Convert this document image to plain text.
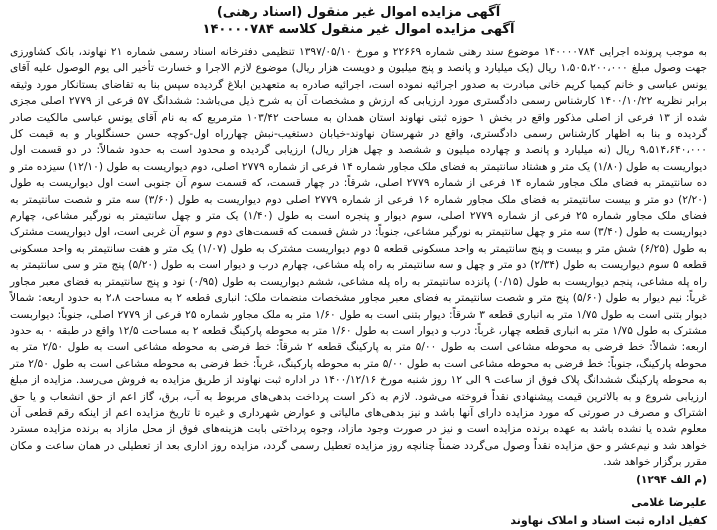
آگهی مزایده اموال غیر منقول (اسناد رهنی)
آگهی مزایده اموال غیر منقول کلاسه ۱۴۰۰۰۰۷۸۴

به موجب پرونده اجرایی ۱۴۰۰۰۰۷۸۴ موضوع سند رهنی شماره ۲۲۶۶۹ و مورخ ۱۳۹۷/۰۵/۱۰ تنظیمی دفترخانه اسناد رسمی شماره ۲۱ نهاوند، بانک کشاورزی جهت وصول مبلغ ۱،۵۰۵،۲۰۰،۰۰۰ ریال (یک میلیارد و پانصد و پنج میلیون و دویست هزار ریال) موضوع لازم الاجرا و خسارت تأخیر الی یوم الوصول علیه آقای یونس عباسی و خانم کیمیا کریم خانی مبادرت به صدور اجرائیه نموده است، اجرائیه صادره به متعهدین ابلاغ گردیده سپس بنا به تقاضای بستانکار مورد وثیقه برابر نظریه ۱۴۰۰/۱۰/۲۲ کارشناس رسمی دادگستری مورد ارزیابی که ارزش و مشخصات آن به شرح ذیل می‌باشد: ششدانگ ۵۷ فرعی از ۲۷۷۹ اصلی مجزی شده از ۱۳ فرعی از اصلی مذکور واقع در بخش ۱ حوزه ثبتی نهاوند استان همدان به مساحت ۱۰۳/۴۲ مترمربع که به نام آقای یونس عباسی مالکیت صادر گردیده و بنا به اظهار کارشناس رسمی دادگستری، واقع در شهرستان نهاوند-خیابان دستغیب-نبش چهارراه اول-کوچه حسن حسنگلوبار و به قیمت کل ۹،۵۱۴،۶۴۰،۰۰۰ ریال (نه میلیارد و پانصد و چهارده میلیون و ششصد و چهل هزار ریال) ارزیابی گردیده و محدود است به حدود شمالاً: در دو قسمت اول دیواریست به طول (۱/۸۰) یک متر و هشتاد سانتیمتر به فضای ملک مجاور شماره ۱۴ فرعی از شماره ۲۷۷۹ اصلی، دوم دیواریست به طول (۱۲/۱۰) سیزده متر و ده سانتیمتر به فضای ملک مجاور شماره ۱۴ فرعی از شماره ۲۷۷۹ اصلی، شرقاً: در چهار قسمت، که قسمت سوم آن جنوبی است اول دیواریست به طول (۲/۲۰) دو متر و بیست سانتیمتر به فضای ملک مجاور شماره ۱۶ فرعی از شماره ۲۷۷۹ اصلی دوم دیواریست به طول (۳/۶۰) سه متر و شصت سانتیمتر به فضای ملک مجاور شماره ۲۵ فرعی از شماره ۲۷۷۹ اصلی، سوم دیوار و پنجره است به طول (۱/۴۰) یک متر و چهل سانتیمتر به نورگیر مشاعی، چهارم دیواریست به طول (۳/۴۰) سه متر و چهل سانتیمتر به نورگیر مشاعی، جنوباً: در شش قسمت که قسمت‌های دوم و سوم آن غربی است، اول دیواریست مشترک به طول (۶/۲۵) شش متر و بیست و پنج سانتیمتر به واحد مسکونی قطعه ۵ دوم دیواریست مشترک به طول (۱/۰۷) یک متر و هفت سانتیمتر به واحد مسکونی قطعه ۵ سوم دیواریست به طول (۲/۳۴) دو متر و چهل و سه سانتیمتر به راه پله مشاعی، چهارم درب و دیوار است به طول (۵/۲۰) پنج متر و سی سانتیمتر به راه پله مشاعی، پنجم دیواریست به طول (۰/۱۵) پانزده سانتیمتر به راه پله مشاعی، ششم دیواریست به طول (۰/۹۵) نود و پنج سانتیمتر به فضای معبر مجاور غرباً: نیم دیوار به طول (۵/۶۰) پنج متر و شصت سانتیمتر به فضای معبر مجاور مشخصات منضمات ملک: انباری قطعه ۲ به مساحت ۲،۸ به حدود اربعه: شمالاً دیوار بتنی است به طول ۱/۷۵ متر به انباری قطعه ۳ شرقاً: دیوار بتنی است به طول ۱/۶۰ متر به ملک مجاور شماره ۲۵ فرعی از ۲۷۷۹ اصلی، جنوباً: دیواربست مشترک به طول ۱/۷۵ متر به انباری قطعه چهار، غرباً: درب و دیوار است به طول ۱/۶۰ متر به محوطه پارکینگ قطعه ۲ به مساحت ۱۲/۵ واقع در طبقه ۰ به حدود اربعه: شمالاً: خط فرضی به محوطه مشاعی است به طول ۵/۰۰ متر به پارکینگ قطعه ۲ شرقاً: خط فرضی به محوطه مشاعی است به طول ۲/۵۰ متر به محوطه پارکینگ، جنوباً: خط فرضی به محوطه مشاعی است به طول ۵/۰۰ متر به محوطه پارکینگ، غرباً: خط فرضی به محوطه مشاعی است به طول ۲/۵۰ متر به محوطه پارکینگ ششدانگ پلاک فوق از ساعت ۹ الی ۱۲ روز شنبه مورخ ۱۴۰۰/۱۲/۱۶ در اداره ثبت نهاوند از طریق مزایده به فروش می‌رسد. مزایده از مبلغ ارزیابی شروع و به بالاترین قیمت پیشنهادی نقداً فروخته می‌شود. لازم به ذکر است پرداخت بدهی‌های مربوط به آب، برق، گاز اعم از حق انشعاب و یا حق اشتراک و مصرف در صورتی که مورد مزایده دارای آنها باشد و نیز بدهی‌های مالیاتی و عوارض شهرداری و غیره تا تاریخ مزایده اعم از اینکه رقم قطعی آن معلوم شده یا نشده باشد به عهده برنده مزایده است و نیز در صورت وجود مازاد، وجوه پرداختی بابت هزینه‌های فوق از محل مازاد به برنده مزایده مسترد خواهد شد و نیم‌عشر و حق مزایده نقداً وصول می‌گردد ضمناً چنانچه روز مزایده تعطیل رسمی گردد، مزایده روز اداری بعد از تعطیلی در همان ساعت و مکان مقرر برگزار خواهد شد.

(م الف ۱۲۹۴)
علیرضا غلامی
کفیل اداره ثبت اسناد و املاک نهاوند
